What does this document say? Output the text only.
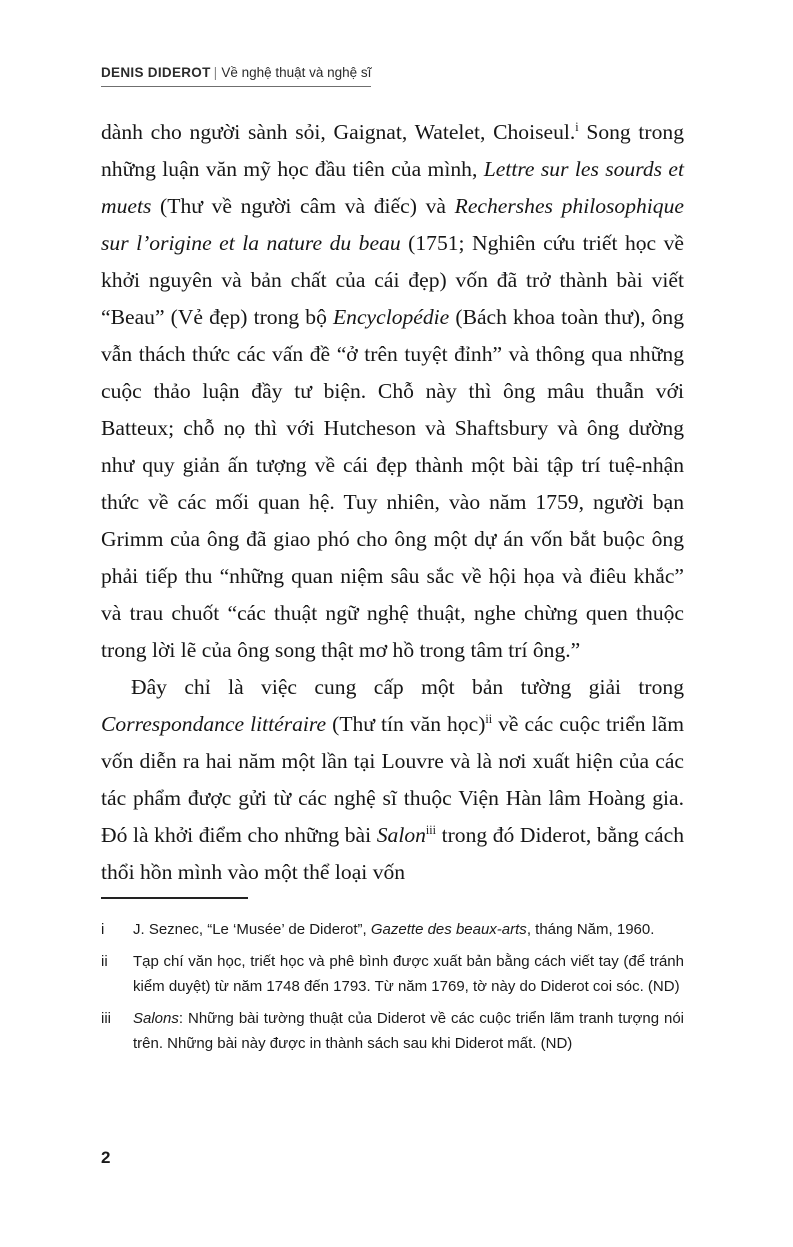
DENIS DIDEROT | Về nghệ thuật và nghệ sĩ

dành cho người sành sỏi, Gaignat, Watelet, Choiseul.$^i$ Song trong những luận văn mỹ học đầu tiên của mình, Lettre sur les sourds et muets (Thư về người câm và điếc) và Rechershes philosophique sur l’origine et la nature du beau (1751; Nghiên cứu triết học về khởi nguyên và bản chất của cái đẹp) vốn đã trở thành bài viết “Beau” (Vẻ đẹp) trong bộ Encyclopédie (Bách khoa toàn thư), ông vẫn thách thức các vấn đề “ở trên tuyệt đỉnh” và thông qua những cuộc thảo luận đầy tư biện. Chỗ này thì ông mâu thuẫn với Batteux; chỗ nọ thì với Hutcheson và Shaftsbury và ông dường như quy giản ấn tượng về cái đẹp thành một bài tập trí tuệ-nhận thức về các mối quan hệ. Tuy nhiên, vào năm 1759, người bạn Grimm của ông đã giao phó cho ông một dự án vốn bắt buộc ông phải tiếp thu “những quan niệm sâu sắc về hội họa và điêu khắc” và trau chuốt “các thuật ngữ nghệ thuật, nghe chừng quen thuộc trong lời lẽ của ông song thật mơ hồ trong tâm trí ông.”

Đây chỉ là việc cung cấp một bản tường giải trong Correspondance littéraire (Thư tín văn học)$^{ii}$ về các cuộc triển lãm vốn diễn ra hai năm một lần tại Louvre và là nơi xuất hiện của các tác phẩm được gửi từ các nghệ sĩ thuộc Viện Hàn lâm Hoàng gia. Đó là khởi điểm cho những bài Salon$^{iii}$ trong đó Diderot, bằng cách thổi hồn mình vào một thể loại vốn

i	J. Seznec, “Le ‘Musée’ de Diderot”, Gazette des beaux-arts, tháng Năm, 1960.
ii	Tạp chí văn học, triết học và phê bình được xuất bản bằng cách viết tay (để tránh kiểm duyệt) từ năm 1748 đến 1793. Từ năm 1769, tờ này do Diderot coi sóc. (ND)
iii	Salons: Những bài tường thuật của Diderot về các cuộc triển lãm tranh tượng nói trên. Những bài này được in thành sách sau khi Diderot mất. (ND)
2
